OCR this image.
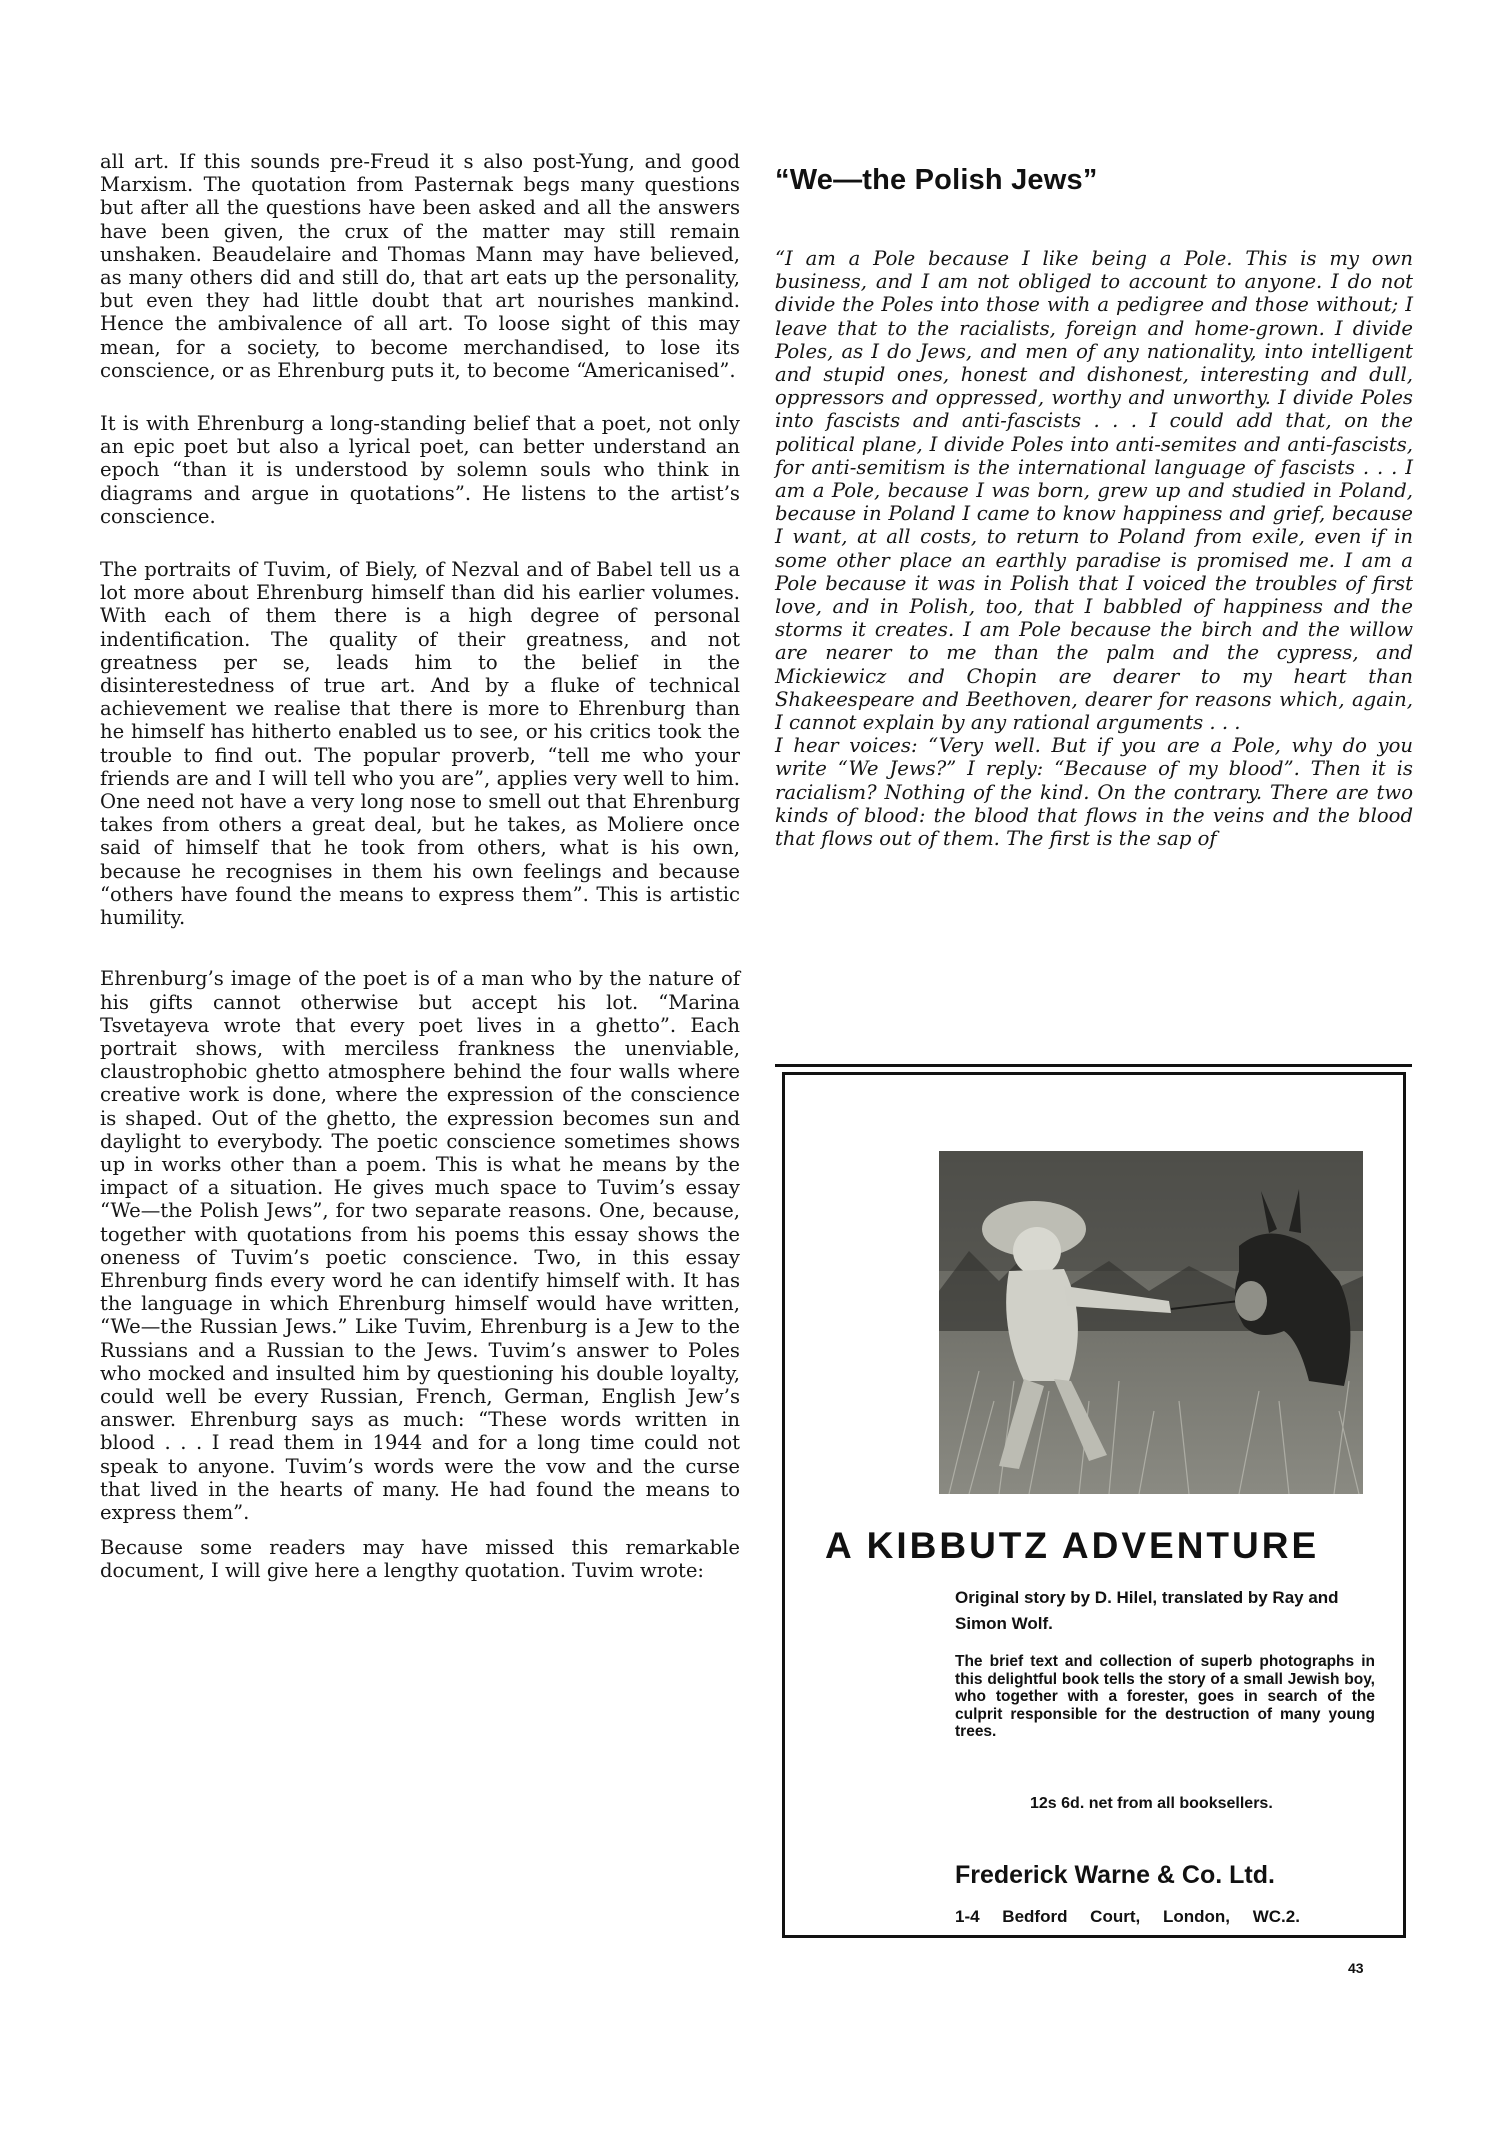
all art. If this sounds pre-Freud it s also post-Yung, and good Marxism. The quotation from Pasternak begs many questions but after all the questions have been asked and all the answers have been given, the crux of the matter may still remain unshaken. Beaudelaire and Thomas Mann may have believed, as many others did and still do, that art eats up the personality, but even they had little doubt that art nourishes mankind. Hence the ambivalence of all art. To loose sight of this may mean, for a society, to become merchandised, to lose its conscience, or as Ehrenburg puts it, to become “Americanised”.

It is with Ehrenburg a long-standing belief that a poet, not only an epic poet but also a lyrical poet, can better understand an epoch “than it is understood by solemn souls who think in diagrams and argue in quotations”. He listens to the artist’s conscience.

The portraits of Tuvim, of Biely, of Nezval and of Babel tell us a lot more about Ehrenburg himself than did his earlier volumes. With each of them there is a high degree of personal indentification. The quality of their greatness, and not greatness per se, leads him to the belief in the disinterestedness of true art. And by a fluke of technical achievement we realise that there is more to Ehrenburg than he himself has hitherto enabled us to see, or his critics took the trouble to find out. The popular proverb, “tell me who your friends are and I will tell who you are”, applies very well to him. One need not have a very long nose to smell out that Ehrenburg takes from others a great deal, but he takes, as Moliere once said of himself that he took from others, what is his own, because he recognises in them his own feelings and because “others have found the means to express them”. This is artistic humility.

Ehrenburg’s image of the poet is of a man who by the nature of his gifts cannot otherwise but accept his lot. “Marina Tsvetayeva wrote that every poet lives in a ghetto”. Each portrait shows, with merciless frankness the unenviable, claustrophobic ghetto atmosphere behind the four walls where creative work is done, where the expression of the conscience is shaped. Out of the ghetto, the expression becomes sun and daylight to everybody. The poetic conscience sometimes shows up in works other than a poem. This is what he means by the impact of a situation. He gives much space to Tuvim’s essay “We—the Polish Jews”, for two separate reasons. One, because, together with quotations from his poems this essay shows the oneness of Tuvim’s poetic conscience. Two, in this essay Ehrenburg finds every word he can identify himself with. It has the language in which Ehrenburg himself would have written, “We—the Russian Jews.” Like Tuvim, Ehrenburg is a Jew to the Russians and a Russian to the Jews. Tuvim’s answer to Poles who mocked and insulted him by questioning his double loyalty, could well be every Russian, French, German, English Jew’s answer. Ehrenburg says as much: “These words written in blood . . . I read them in 1944 and for a long time could not speak to anyone. Tuvim’s words were the vow and the curse that lived in the hearts of many. He had found the means to express them”.

Because some readers may have missed this remarkable document, I will give here a lengthy quotation. Tuvim wrote:

“We—the Polish Jews”

“I am a Pole because I like being a Pole. This is my own business, and I am not obliged to account to anyone. I do not divide the Poles into those with a pedigree and those without; I leave that to the racialists, foreign and home-grown. I divide Poles, as I do Jews, and men of any nationality, into intelligent and stupid ones, honest and dishonest, interesting and dull, oppressors and oppressed, worthy and unworthy. I divide Poles into fascists and anti-fascists . . . I could add that, on the political plane, I divide Poles into anti-semites and anti-fascists, for anti-semitism is the international language of fascists . . . I am a Pole, because I was born, grew up and studied in Poland, because in Poland I came to know happiness and grief, because I want, at all costs, to return to Poland from exile, even if in some other place an earthly paradise is promised me. I am a Pole because it was in Polish that I voiced the troubles of first love, and in Polish, too, that I babbled of happiness and the storms it creates. I am Pole because the birch and the willow are nearer to me than the palm and the cypress, and Mickiewicz and Chopin are dearer to my heart than Shakeespeare and Beethoven, dearer for reasons which, again, I cannot explain by any rational arguments . . .

I hear voices: “Very well. But if you are a Pole, why do you write “We Jews?” I reply: “Because of my blood”. Then it is racialism? Nothing of the kind. On the contrary. There are two kinds of blood: the blood that flows in the veins and the blood that flows out of them. The first is the sap of

A KIBBUTZ ADVENTURE
Original story by D. Hilel, translated by Ray and Simon Wolf.
The brief text and collection of superb photographs in this delightful book tells the story of a small Jewish boy, who together with a forester, goes in search of the culprit responsible for the destruction of many young trees.
12s 6d. net from all booksellers.
Frederick Warne & Co. Ltd.
1-4 Bedford Court, London, WC.2.
43
